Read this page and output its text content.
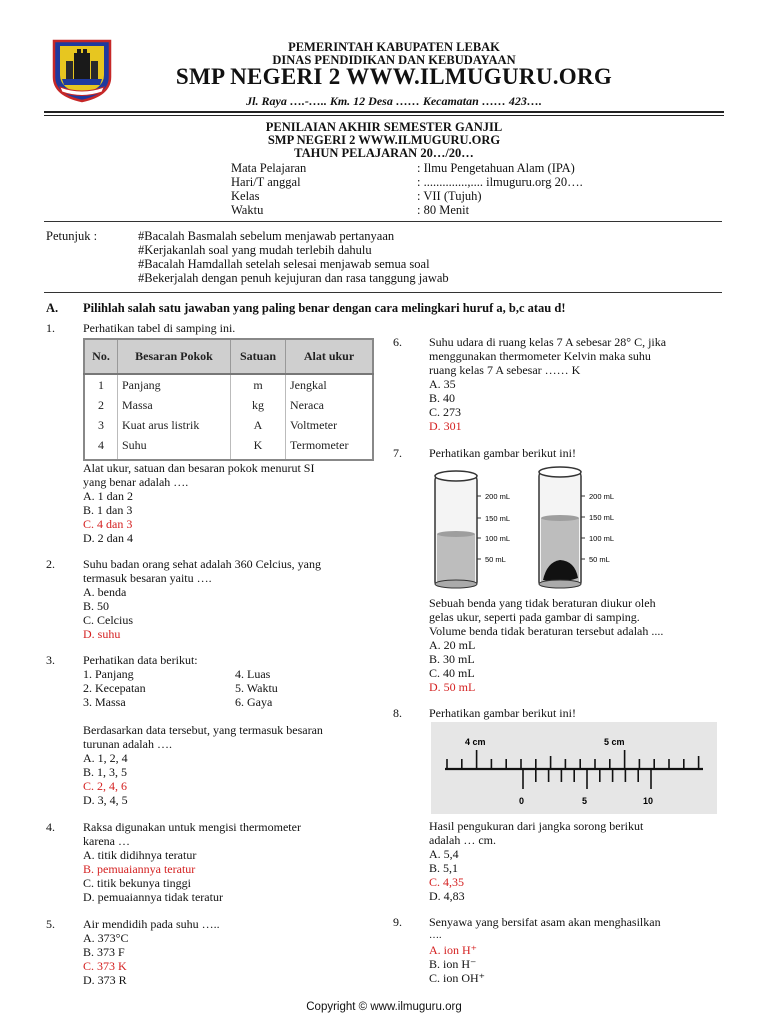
PEMERINTAH KABUPATEN LEBAK
DINAS PENDIDIKAN DAN KEBUDAYAAN
SMP NEGERI 2 WWW.ILMUGURU.ORG
Jl. Raya ….-….. Km. 12 Desa …… Kecamatan …… 423….
PENILAIAN AKHIR SEMESTER GANJIL
SMP NEGERI 2 WWW.ILMUGURU.ORG
TAHUN PELAJARAN 20…/20…
Mata Pelajaran	: Ilmu Pengetahuan Alam (IPA)
Hari/T anggal	: ..............,.... ilmuguru.org 20….
Kelas	: VII (Tujuh)
Waktu	: 80 Menit
Petunjuk :	#Bacalah Basmalah sebelum menjawab pertanyaan
#Kerjakanlah soal yang mudah terlebih dahulu
#Bacalah Hamdallah setelah selesai menjawab semua soal
#Bekerjalah dengan penuh kejujuran dan rasa tanggung jawab
A. Pilihlah salah satu jawaban yang paling benar dengan cara melingkari huruf a, b,c atau d!
1. Perhatikan tabel di samping ini.
No.	Besaran Pokok	Satuan	Alat ukur
1	Panjang	m	Jengkal
2	Massa	kg	Neraca
3	Kuat arus listrik	A	Voltmeter
4	Suhu	K	Termometer
Alat ukur, satuan dan besaran pokok menurut SI
yang benar adalah ….
A. 1 dan 2
B. 1 dan 3
C. 4 dan 3
D. 2 dan 4
2. Suhu badan orang sehat adalah 360 Celcius, yang
termasuk besaran yaitu ….
A. benda
B. 50
C. Celcius
D. suhu
3. Perhatikan data berikut:
1. Panjang	4. Luas
2. Kecepatan	5. Waktu
3. Massa	6. Gaya
Berdasarkan data tersebut, yang termasuk besaran
turunan adalah ….
A. 1, 2, 4
B. 1, 3, 5
C. 2, 4, 6
D. 3, 4, 5
4. Raksa digunakan untuk mengisi thermometer
karena …
A. titik didihnya teratur
B. pemuaiannya teratur
C. titik bekunya tinggi
D. pemuaiannya tidak teratur
5. Air mendidih pada suhu …..
A. 373°C
B. 373 F
C. 373 K
D. 373 R
6. Suhu udara di ruang kelas 7 A sebesar 28° C, jika
menggunakan thermometer Kelvin maka suhu
ruang kelas 7 A sebesar …… K
A. 35
B. 40
C. 273
D. 301
7. Perhatikan gambar berikut ini!
200 mL
150 mL
100 mL
50 mL
200 mL
150 mL
100 mL
50 mL
Sebuah benda yang tidak beraturan diukur oleh
gelas ukur, seperti pada gambar di samping.
Volume benda tidak beraturan tersebut adalah ....
A. 20 mL
B. 30 mL
C. 40 mL
D. 50 mL
8. Perhatikan gambar berikut ini!
4 cm	5 cm
0	5	10
Hasil pengukuran dari jangka sorong berikut
adalah … cm.
A. 5,4
B. 5,1
C. 4,35
D. 4,83
9. Senyawa yang bersifat asam akan menghasilkan
….
A. ion H⁺
B. ion H⁻
C. ion OH⁺
Copyright © www.ilmuguru.org
